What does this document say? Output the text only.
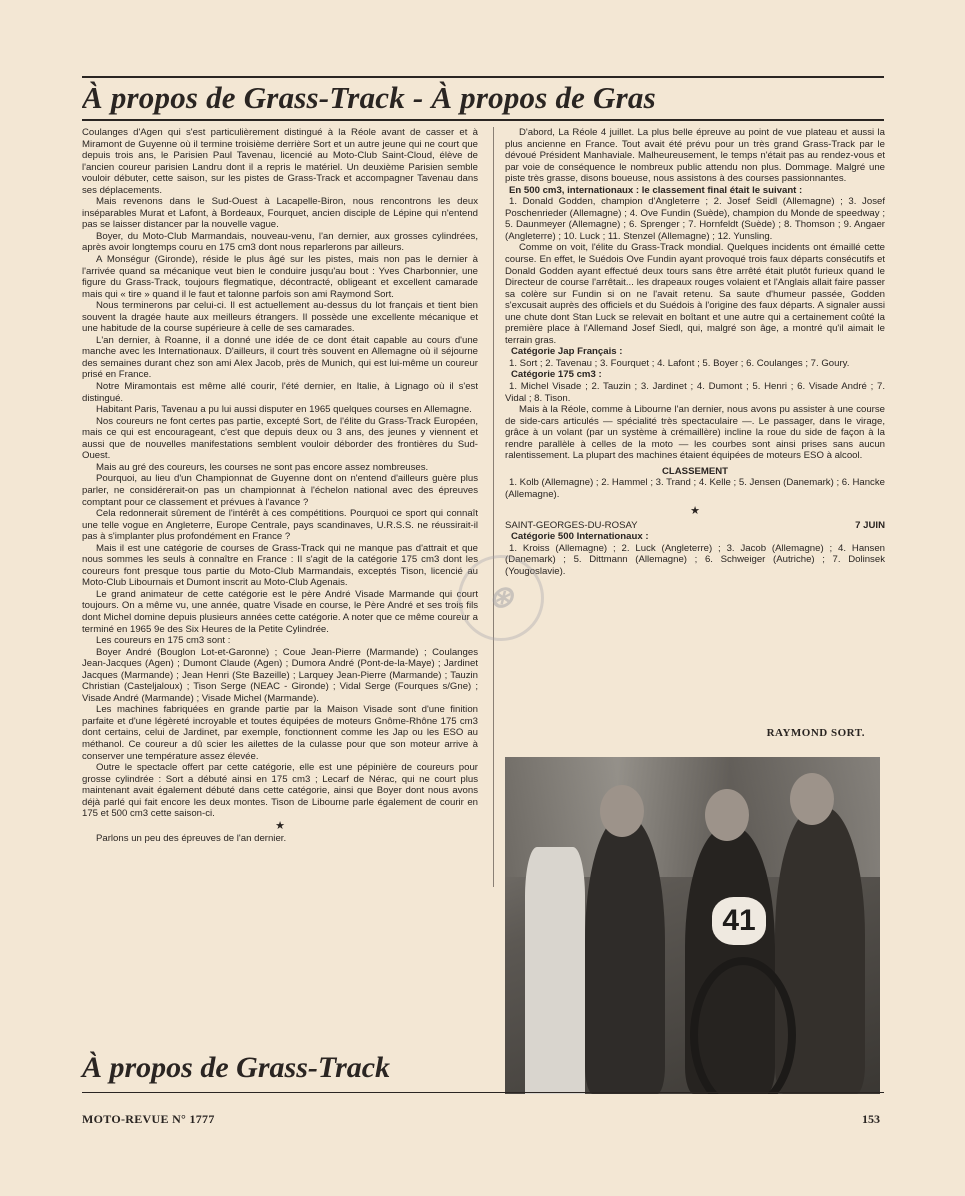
À propos de Grass-Track - À propos de Gras

Coulanges d'Agen qui s'est particulièrement distingué à la Réole avant de casser et à Miramont de Guyenne où il termine troisième derrière Sort et un autre jeune qui ne court que depuis trois ans, le Parisien Paul Tavenau, licencié au Moto-Club Saint-Cloud, élève de l'ancien coureur parisien Landru dont il a repris le matériel. Un deuxième Parisien semble vouloir débuter, cette saison, sur les pistes de Grass-Track et accompagner Tavenau dans ses déplacements.

Mais revenons dans le Sud-Ouest à Lacapelle-Biron, nous rencontrons les deux inséparables Murat et Lafont, à Bordeaux, Fourquet, ancien disciple de Lépine qui n'entend pas se laisser distancer par la nouvelle vague.

Boyer, du Moto-Club Marmandais, nouveau-venu, l'an dernier, aux grosses cylindrées, après avoir longtemps couru en 175 cm3 dont nous reparlerons par ailleurs.

A Monségur (Gironde), réside le plus âgé sur les pistes, mais non pas le dernier à l'arrivée quand sa mécanique veut bien le conduire jusqu'au bout : Yves Charbonnier, une figure du Grass-Track, toujours flegmatique, décontracté, obligeant et excellent camarade mais qui « tire » quand il le faut et talonne parfois son ami Raymond Sort.

Nous terminerons par celui-ci. Il est actuellement au-dessus du lot français et tient bien souvent la dragée haute aux meilleurs étrangers. Il possède une excellente mécanique et une habitude de la course supérieure à celle de ses camarades.

L'an dernier, à Roanne, il a donné une idée de ce dont était capable au cours d'une manche avec les Internationaux. D'ailleurs, il court très souvent en Allemagne où il séjourne des semaines durant chez son ami Alex Jacob, près de Munich, qui est lui-même un coureur prisé en France.

Notre Miramontais est même allé courir, l'été dernier, en Italie, à Lignago où il s'est distingué.

Habitant Paris, Tavenau a pu lui aussi disputer en 1965 quelques courses en Allemagne.

Nos coureurs ne font certes pas partie, excepté Sort, de l'élite du Grass-Track Européen, mais ce qui est encourageant, c'est que depuis deux ou 3 ans, des jeunes y viennent et aussi que de nouvelles manifestations semblent vouloir déborder des frontières du Sud-Ouest.

Mais au gré des coureurs, les courses ne sont pas encore assez nombreuses.

Pourquoi, au lieu d'un Championnat de Guyenne dont on n'entend d'ailleurs guère plus parler, ne considérerait-on pas un championnat à l'échelon national avec des épreuves comptant pour ce classement et prévues à l'avance ?

Cela redonnerait sûrement de l'intérêt à ces compétitions. Pourquoi ce sport qui connaît une telle vogue en Angleterre, Europe Centrale, pays scandinaves, U.R.S.S. ne réussirait-il pas à s'implanter plus profondément en France ?

Mais il est une catégorie de courses de Grass-Track qui ne manque pas d'attrait et que nous sommes les seuls à connaître en France : Il s'agit de la catégorie 175 cm3 dont les coureurs font presque tous partie du Moto-Club Marmandais, exceptés Tison, licencié au Moto-Club Libournais et Dumont inscrit au Moto-Club Agenais.

Le grand animateur de cette catégorie est le père André Visade Marmande qui court toujours. On a même vu, une année, quatre Visade en course, le Père André et ses trois fils dont Michel domine depuis plusieurs années cette catégorie. A noter que ce même coureur a terminé en 1965 9e des Six Heures de la Petite Cylindrée.

Les coureurs en 175 cm3 sont :

Boyer André (Bouglon Lot-et-Garonne) ; Coue Jean-Pierre (Marmande) ; Coulanges Jean-Jacques (Agen) ; Dumont Claude (Agen) ; Dumora André (Pont-de-la-Maye) ; Jardinet Jacques (Marmande) ; Jean Henri (Ste Bazeille) ; Larquey Jean-Pierre (Marmande) ; Tauzin Christian (Casteljaloux) ; Tison Serge (NEAC - Gironde) ; Vidal Serge (Fourques s/Gne) ; Visade André (Marmande) ; Visade Michel (Marmande).

Les machines fabriquées en grande partie par la Maison Visade sont d'une finition parfaite et d'une légèreté incroyable et toutes équipées de moteurs Gnôme-Rhône 175 cm3 dont certains, celui de Jardinet, par exemple, fonctionnent comme les Jap ou les ESO au méthanol. Ce coureur a dû scier les ailettes de la culasse pour que son moteur arrive à conserver une température assez élevée.

Outre le spectacle offert par cette catégorie, elle est une pépinière de coureurs pour grosse cylindrée : Sort a débuté ainsi en 175 cm3 ; Lecarf de Nérac, qui ne court plus maintenant avait également débuté dans cette catégorie, ainsi que Boyer dont nous avons déjà parlé qui fait encore les deux montes. Tison de Libourne parle également de courir en 175 et 500 cm3 cette saison-ci.

★

Parlons un peu des épreuves de l'an dernier.

D'abord, La Réole 4 juillet. La plus belle épreuve au point de vue plateau et aussi la plus ancienne en France. Tout avait été prévu pour un très grand Grass-Track par le dévoué Président Manhaviale. Malheureusement, le temps n'était pas au rendez-vous et par voie de conséquence le nombreux public attendu non plus. Dommage. Malgré une piste très grasse, disons boueuse, nous assistons à des courses passionnantes.

En 500 cm3, internationaux : le classement final était le suivant :

1. Donald Godden, champion d'Angleterre ; 2. Josef Seidl (Allemagne) ; 3. Josef Poschenrieder (Allemagne) ; 4. Ove Fundin (Suède), champion du Monde de speedway ; 5. Daunmeyer (Allemagne) ; 6. Sprenger ; 7. Hornfeldt (Suède) ; 8. Thomson ; 9. Angaer (Angleterre) ; 10. Luck ; 11. Stenzel (Allemagne) ; 12. Yunsling.

Comme on voit, l'élite du Grass-Track mondial. Quelques incidents ont émaillé cette course. En effet, le Suédois Ove Fundin ayant provoqué trois faux départs consécutifs et Donald Godden ayant effectué deux tours sans être arrêté était plutôt furieux quand le Directeur de course l'arrêtait... les drapeaux rouges volaient et l'Anglais allait faire passer sa colère sur Fundin si on ne l'avait retenu. Sa saute d'humeur passée, Godden s'excusait auprès des officiels et du Suédois à l'origine des faux départs. A signaler aussi une chute dont Stan Luck se relevait en boîtant et une autre qui a certainement coûté la première place à l'Allemand Josef Siedl, qui, malgré son âge, a montré qu'il aimait le terrain gras.

Catégorie Jap Français :

1. Sort ; 2. Tavenau ; 3. Fourquet ; 4. Lafont ; 5. Boyer ; 6. Coulanges ; 7. Goury.

Catégorie 175 cm3 :

1. Michel Visade ; 2. Tauzin ; 3. Jardinet ; 4. Dumont ; 5. Henri ; 6. Visade André ; 7. Vidal ; 8. Tison.

Mais à la Réole, comme à Libourne l'an dernier, nous avons pu assister à une course de side-cars articulés — spécialité très spectaculaire —. Le passager, dans le virage, grâce à un volant (par un système à crémaillère) incline la roue du side de façon à la rendre parallèle à celles de la moto — les courbes sont ainsi prises sans aucun ralentissement. La plupart des machines étaient équipées de moteurs ESO à alcool.

CLASSEMENT

1. Kolb (Allemagne) ; 2. Hammel ; 3. Trand ; 4. Kelle ; 5. Jensen (Danemark) ; 6. Hancke (Allemagne).

★

SAINT-GEORGES-DU-ROSAY	7 JUIN

Catégorie 500 Internationaux :

1. Kroiss (Allemagne) ; 2. Luck (Angleterre) ; 3. Jacob (Allemagne) ; 4. Hansen (Danemark) ; 5. Dittmann (Allemagne) ; 6. Schweiger (Autriche) ; 7. Dolinsek (Yougoslavie).

RAYMOND SORT.
⊛
41
À propos de Grass-Track
MOTO-REVUE N° 1777	153
